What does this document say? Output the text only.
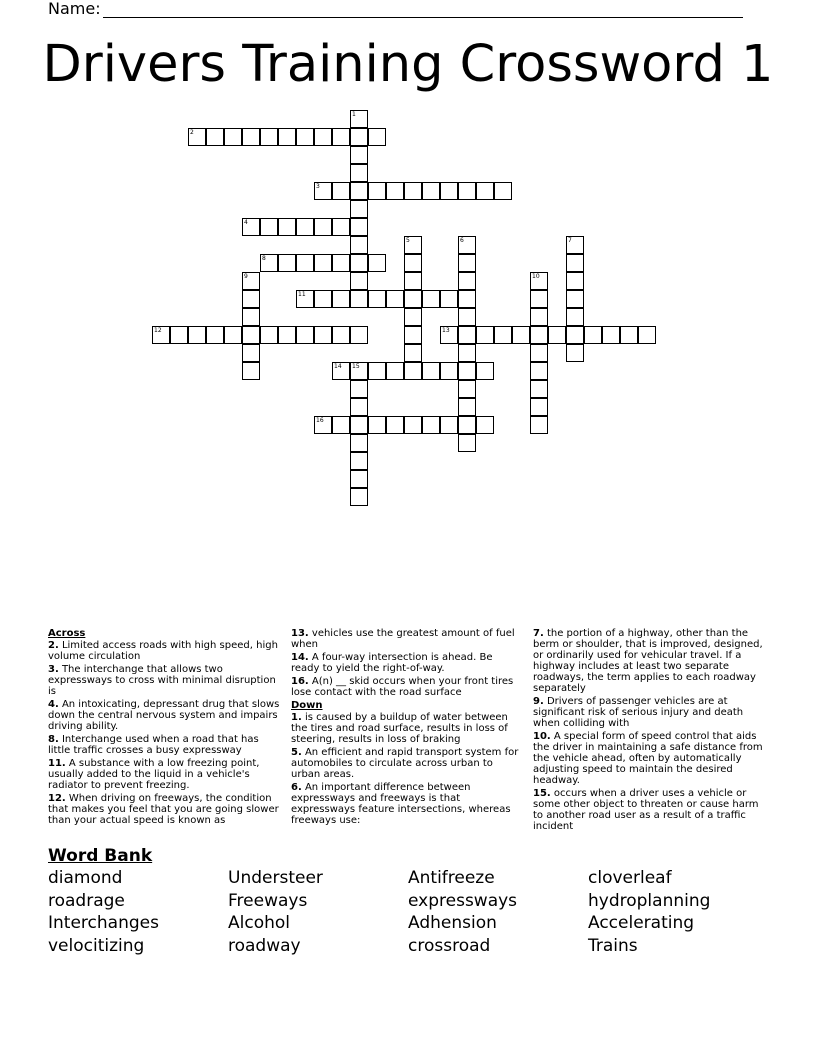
Name:
Drivers Training Crossword 1
1
2
3
4
5	6	7
8
9	10
11
12	13
14 15
16
Across
2. Limited access roads with high speed, high volume circulation
3. The interchange that allows two expressways to cross with minimal disruption is
4. An intoxicating, depressant drug that slows down the central nervous system and impairs driving ability.
8. Interchange used when a road that has little traffic crosses a busy expressway
11. A substance with a low freezing point, usually added to the liquid in a vehicle's radiator to prevent freezing.
12. When driving on freeways, the condition that makes you feel that you are going slower than your actual speed is known as
13. vehicles use the greatest amount of fuel when
14. A four-way intersection is ahead. Be ready to yield the right-of-way.
16. A(n) __ skid occurs when your front tires lose contact with the road surface
Down
1. is caused by a buildup of water between the tires and road surface, results in loss of steering, results in loss of braking
5. An efficient and rapid transport system for automobiles to circulate across urban to urban areas.
6. An important difference between expressways and freeways is that expressways feature intersections, whereas freeways use:
7. the portion of a highway, other than the berm or shoulder, that is improved, designed, or ordinarily used for vehicular travel. If a highway includes at least two separate roadways, the term applies to each roadway separately
9. Drivers of passenger vehicles are at significant risk of serious injury and death when colliding with
10. A special form of speed control that aids the driver in maintaining a safe distance from the vehicle ahead, often by automatically adjusting speed to maintain the desired headway.
15. occurs when a driver uses a vehicle or some other object to threaten or cause harm to another road user as a result of a traffic incident
Word Bank
diamond	Understeer	Antifreeze	cloverleaf
roadrage	Freeways	expressways	hydroplanning
Interchanges	Alcohol	Adhension	Accelerating
velocitizing	roadway	crossroad	Trains
